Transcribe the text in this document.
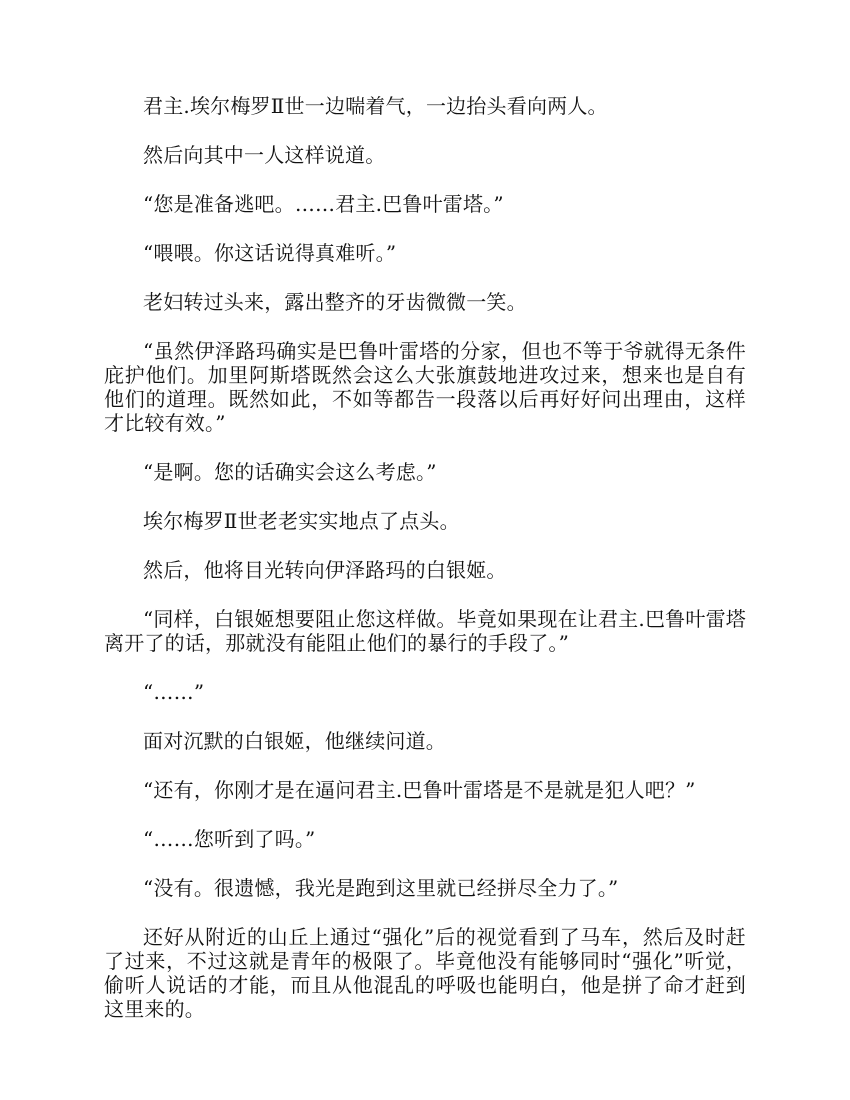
君主.埃尔梅罗Ⅱ世一边喘着气，一边抬头看向两人。

然后向其中一人这样说道。

“您是准备逃吧。……君主.巴鲁叶雷塔。”

“喂喂。你这话说得真难听。”

老妇转过头来，露出整齐的牙齿微微一笑。

“虽然伊泽路玛确实是巴鲁叶雷塔的分家，但也不等于爷就得无条件庇护他们。加里阿斯塔既然会这么大张旗鼓地进攻过来，想来也是自有他们的道理。既然如此，不如等都告一段落以后再好好问出理由，这样才比较有效。”

“是啊。您的话确实会这么考虑。”

埃尔梅罗Ⅱ世老老实实地点了点头。

然后，他将目光转向伊泽路玛的白银姬。

“同样，白银姬想要阻止您这样做。毕竟如果现在让君主.巴鲁叶雷塔离开了的话，那就没有能阻止他们的暴行的手段了。”

“……”

面对沉默的白银姬，他继续问道。

“还有，你刚才是在逼问君主.巴鲁叶雷塔是不是就是犯人吧？”

“……您听到了吗。”

“没有。很遗憾，我光是跑到这里就已经拼尽全力了。”

还好从附近的山丘上通过“强化”后的视觉看到了马车，然后及时赶了过来，不过这就是青年的极限了。毕竟他没有能够同时“强化”听觉，偷听人说话的才能，而且从他混乱的呼吸也能明白，他是拼了命才赶到这里来的。
